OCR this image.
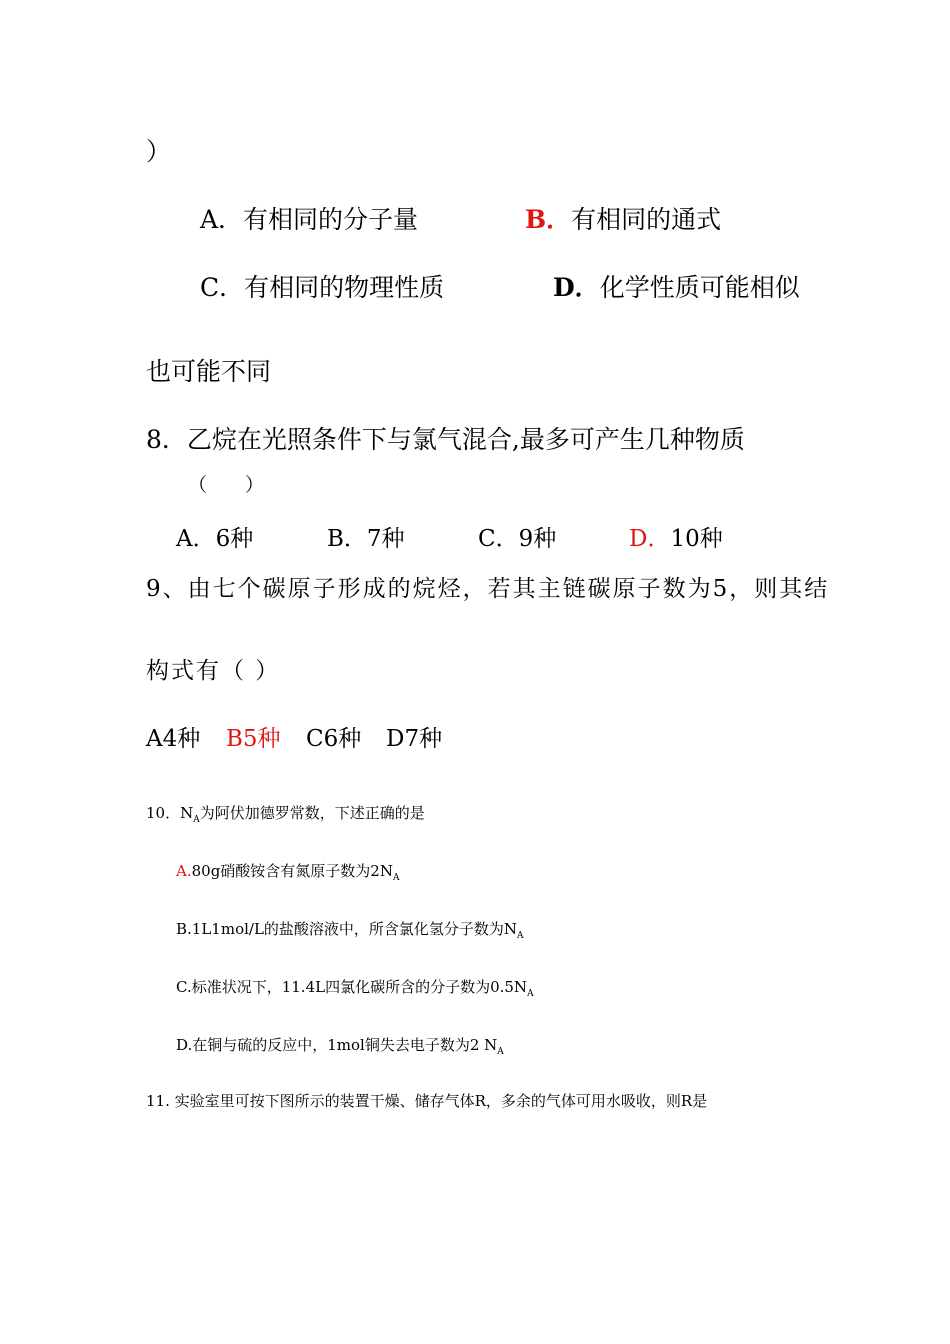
）
A．有相同的分子量	B．有相同的通式
C．有相同的物理性质	D．化学性质可能相似
也可能不同
8．乙烷在光照条件下与氯气混合,最多可产生几种物质
（　　）
A．6种	B．7种	C．9种	D．10种
9、由七个碳原子形成的烷烃，若其主链碳原子数为5，则其结
构式有（ ）
A4种 B5种 C6种 D7种
10．$N_A$为阿伏加德罗常数，下述正确的是
A.80g硝酸铵含有氮原子数为$2N_A$
B.1L1mol/L的盐酸溶液中，所含氯化氢分子数为$N_A$
C.标准状况下，11.4L四氯化碳所含的分子数为$0.5N_A$
D.在铜与硫的反应中，1mol铜失去电子数为2 $N_A$
11. 实验室里可按下图所示的装置干燥、储存气体R，多余的气体可用水吸收，则R是
